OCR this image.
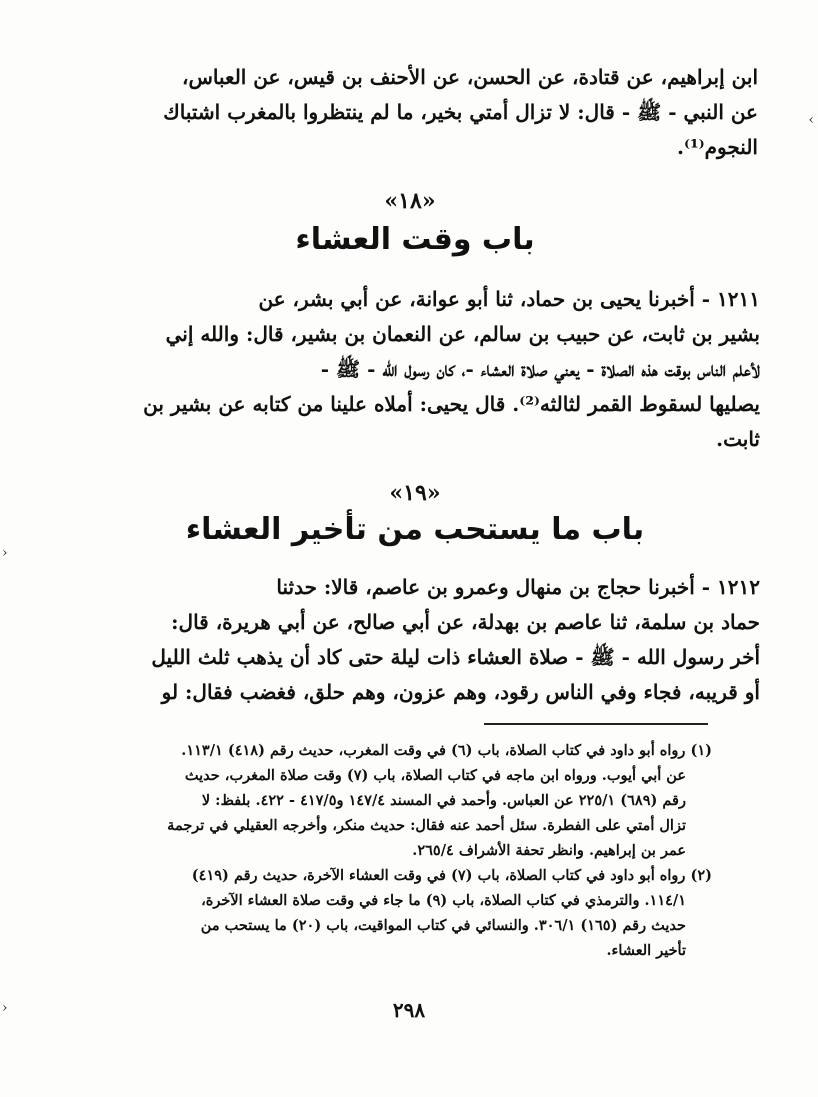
‹
›
›
ابن إبراهيم، عن قتادة، عن الحسن، عن الأحنف بن قيس، عن العباس،
عن النبي - ﷺ - قال: لا تزال أمتي بخير، ما لم ينتظروا بالمغرب اشتباك
النجوم⁽¹⁾.
«١٨»
باب وقت العشاء
١٢١١ - أخبرنا يحيى بن حماد، ثنا أبو عوانة، عن أبي بشر، عن
بشير بن ثابت، عن حبيب بن سالم، عن النعمان بن بشير، قال: والله إني
لأعلم الناس بوقت هذه الصلاة - يعني صلاة العشاء -، كان رسول الله - ﷺ -
يصليها لسقوط القمر لثالثه⁽²⁾. قال يحيى: أملاه علينا من كتابه عن بشير بن
ثابت.
«١٩»
باب ما يستحب من تأخير العشاء
١٢١٢ - أخبرنا حجاج بن منهال وعمرو بن عاصم، قالا: حدثنا
حماد بن سلمة، ثنا عاصم بن بهدلة، عن أبي صالح، عن أبي هريرة، قال:
أخر رسول الله - ﷺ - صلاة العشاء ذات ليلة حتى كاد أن يذهب ثلث الليل
أو قريبه، فجاء وفي الناس رقود، وهم عزون، وهم حلق، فغضب فقال: لو
(١) رواه أبو داود في كتاب الصلاة، باب (٦) في وقت المغرب، حديث رقم (٤١٨) ١١٣/١.
عن أبي أيوب. ورواه ابن ماجه في كتاب الصلاة، باب (٧) وقت صلاة المغرب، حديث
رقم (٦٨٩) ٢٢٥/١ عن العباس. وأحمد في المسند ١٤٧/٤ و٤١٧/٥ - ٤٢٢. بلفظ: لا
تزال أمتي على الفطرة. سئل أحمد عنه فقال: حديث منكر، وأخرجه العقيلي في ترجمة
عمر بن إبراهيم. وانظر تحفة الأشراف ٢٦٥/٤.
(٢) رواه أبو داود في كتاب الصلاة، باب (٧) في وقت العشاء الآخرة، حديث رقم (٤١٩)
١١٤/١. والترمذي في كتاب الصلاة، باب (٩) ما جاء في وقت صلاة العشاء الآخرة،
حديث رقم (١٦٥) ٣٠٦/١. والنسائي في كتاب المواقيت، باب (٢٠) ما يستحب من
تأخير العشاء.
٢٩٨
